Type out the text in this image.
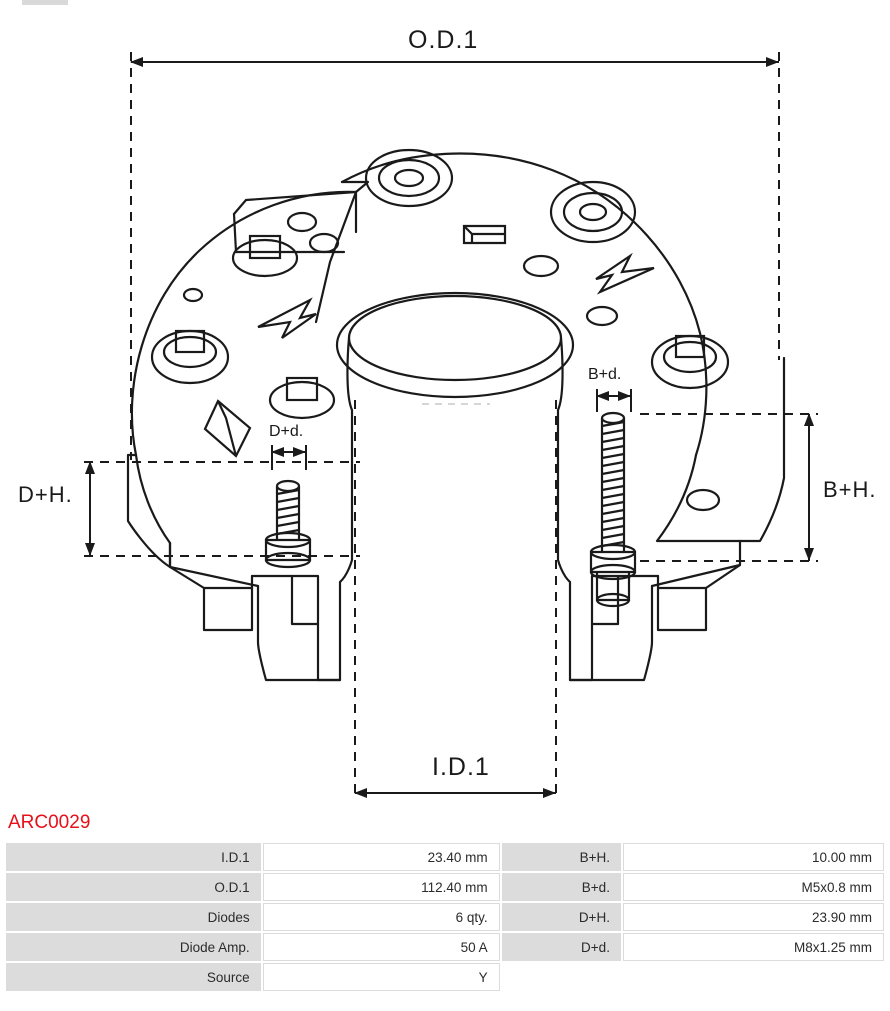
O.D.1
I.D.1
D+H.	B+H.
D+d.
B+d.
ARC0029
I.D.1	23.40 mm	B+H.	10.00 mm
O.D.1	112.40 mm	B+d.	M5x0.8 mm
Diodes	6 qty.	D+H.	23.90 mm
Diode Amp.	50 A	D+d.	M8x1.25 mm
Source	Y		
